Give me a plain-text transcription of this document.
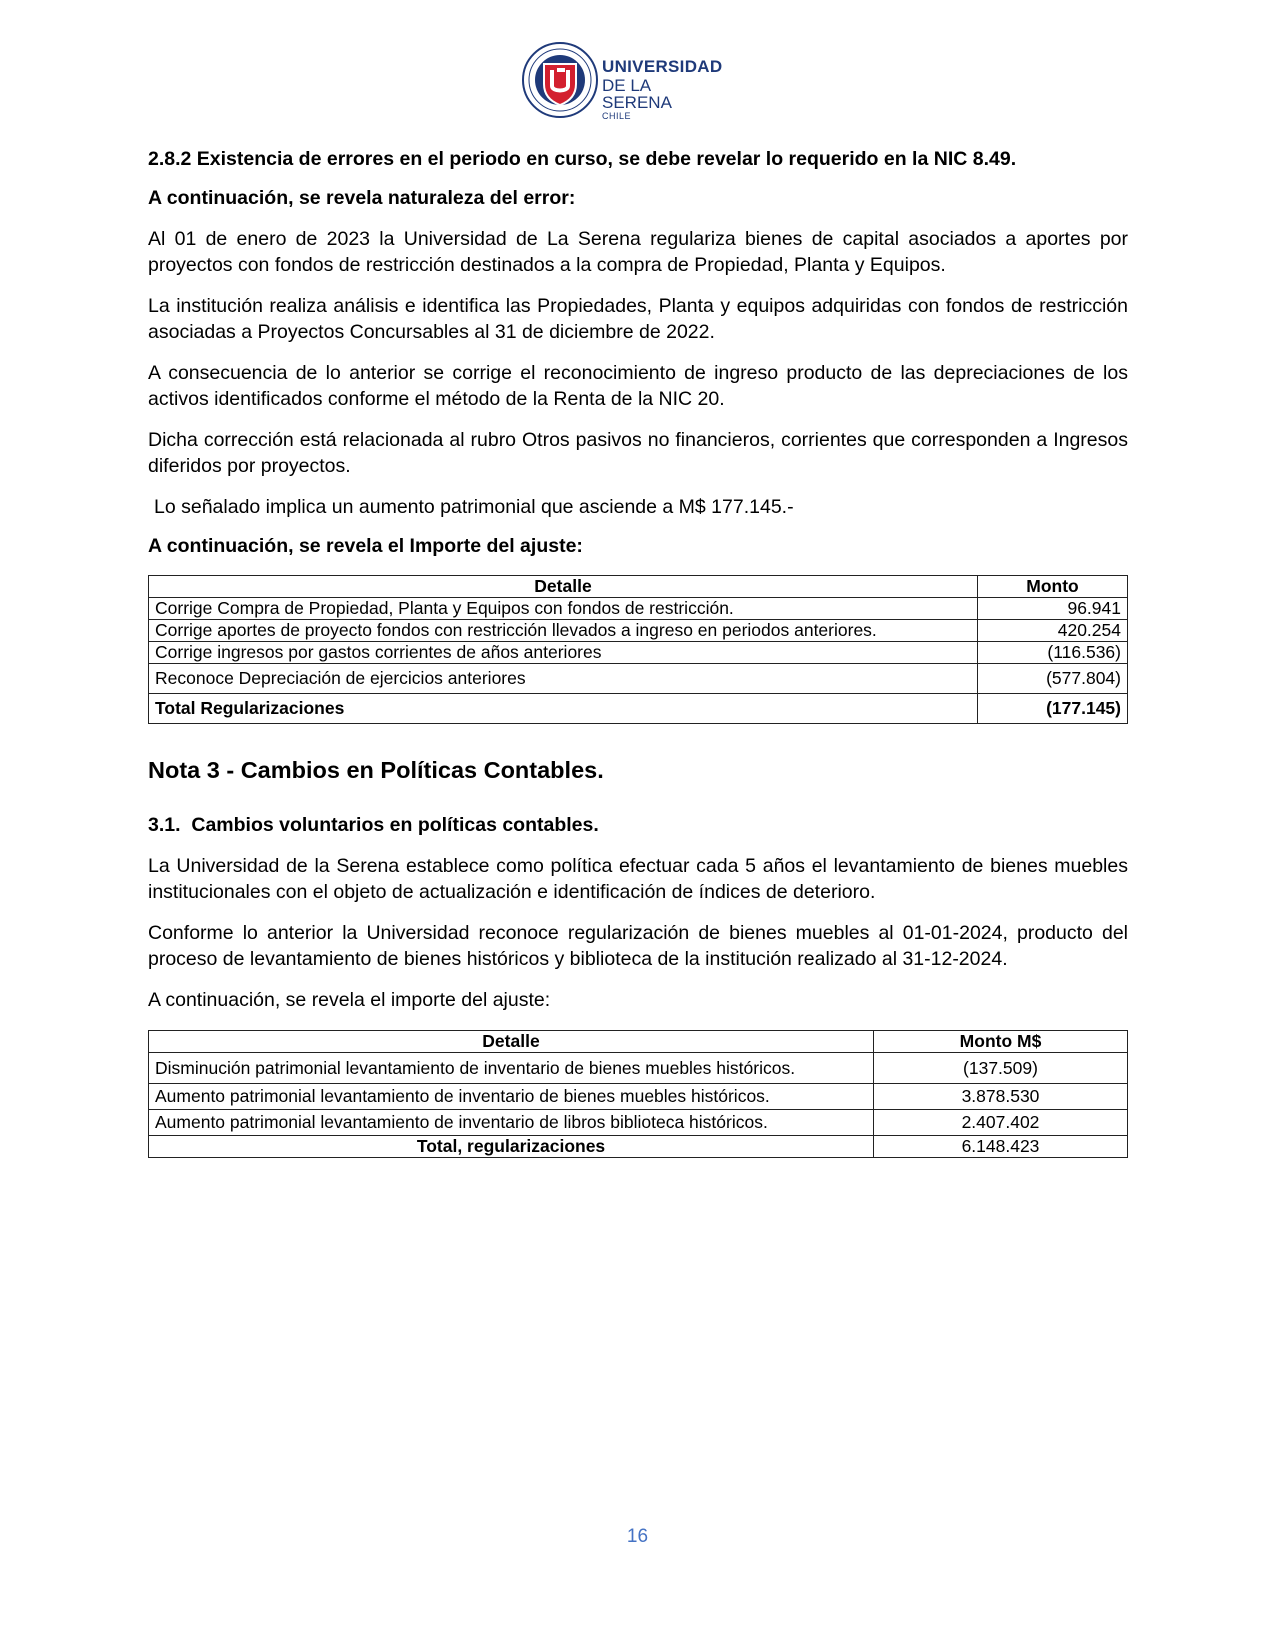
UNIVERSIDAD
DE LA SERENA
CHILE

2.8.2 Existencia de errores en el periodo en curso, se debe revelar lo requerido en la NIC 8.49.

A continuación, se revela naturaleza del error:

Al 01 de enero de 2023 la Universidad de La Serena regulariza bienes de capital asociados a aportes por proyectos con fondos de restricción destinados a la compra de Propiedad, Planta y Equipos.

La institución realiza análisis e identifica las Propiedades, Planta y equipos adquiridas con fondos de restricción asociadas a Proyectos Concursables al 31 de diciembre de 2022.

A consecuencia de lo anterior se corrige el reconocimiento de ingreso producto de las depreciaciones de los activos identificados conforme el método de la Renta de la NIC 20.

Dicha corrección está relacionada al rubro Otros pasivos no financieros, corrientes que corresponden a Ingresos diferidos por proyectos.

Lo señalado implica un aumento patrimonial que asciende a M$ 177.145.-

A continuación, se revela el Importe del ajuste:

Detalle	Monto
Corrige Compra de Propiedad, Planta y Equipos con fondos de restricción.	96.941
Corrige aportes de proyecto fondos con restricción llevados a ingreso en periodos anteriores.	420.254
Corrige ingresos por gastos corrientes de años anteriores	(116.536)
Reconoce Depreciación de ejercicios anteriores	(577.804)
Total Regularizaciones	(177.145)

Nota 3 - Cambios en Políticas Contables.

3.1.  Cambios voluntarios en políticas contables.

La Universidad de la Serena establece como política efectuar cada 5 años el levantamiento de bienes muebles institucionales con el objeto de actualización e identificación de índices de deterioro.

Conforme lo anterior la Universidad reconoce regularización de bienes muebles al 01-01-2024, producto del proceso de levantamiento de bienes históricos y biblioteca de la institución realizado al 31-12-2024.

A continuación, se revela el importe del ajuste:

Detalle	Monto M$
Disminución patrimonial levantamiento de inventario de bienes muebles históricos.	(137.509)
Aumento patrimonial levantamiento de inventario de bienes muebles históricos.	3.878.530
Aumento patrimonial levantamiento de inventario de libros biblioteca históricos.	2.407.402
Total, regularizaciones	6.148.423
16
